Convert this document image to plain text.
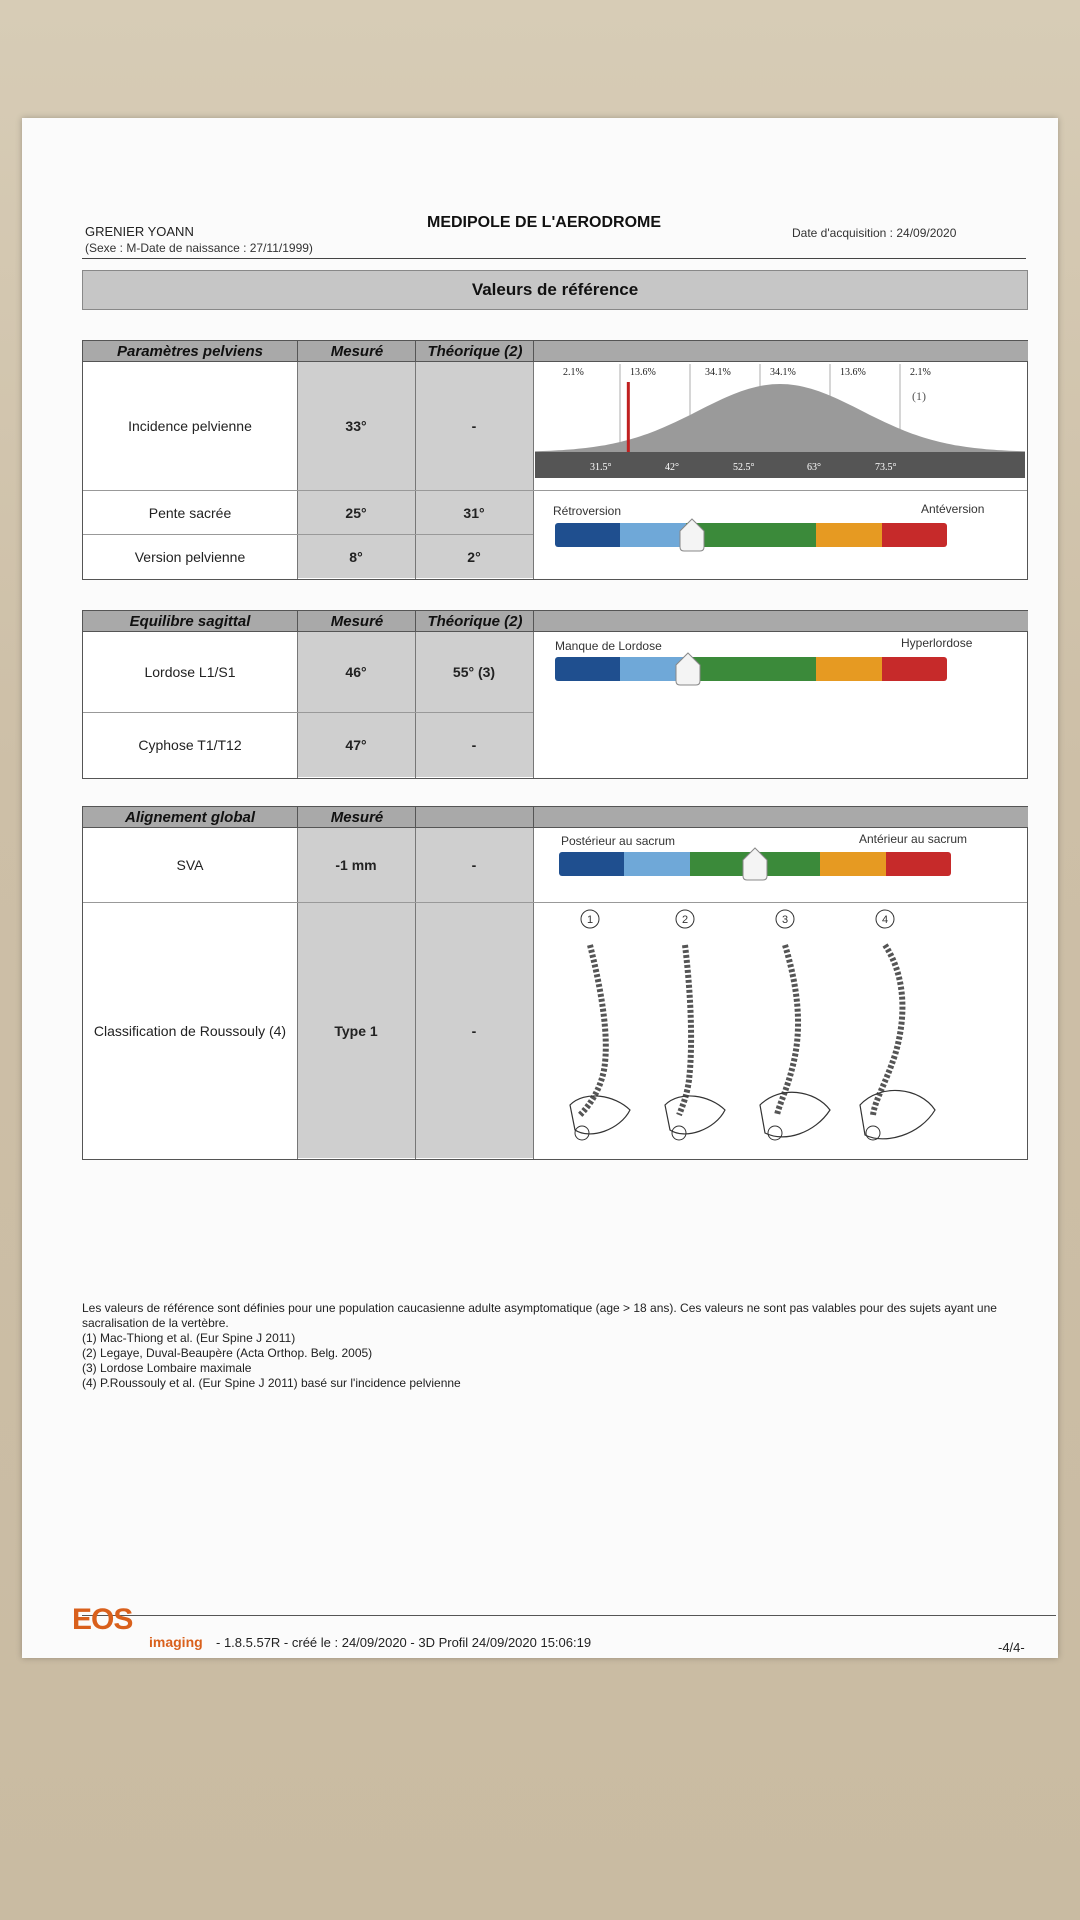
GRENIER YOANN
(Sexe : M-Date de naissance : 27/11/1999)
MEDIPOLE DE L'AERODROME
Date d'acquisition : 24/09/2020
Valeurs de référence
Paramètres pelviens	Mesuré	Théorique (2)
Incidence pelvienne	33°	-
Pente sacrée	25°	31°
Version pelvienne	8°	2°
2.1%	13.6%	34.1%	34.1%	13.6%	2.1%
(1)
31.5°	42°	52.5°	63°	73.5°
Rétroversion	Antéversion
Equilibre sagittal	Mesuré	Théorique (2)
Lordose L1/S1	46°	55° (3)
Cyphose T1/T12	47°	-
Manque de Lordose	Hyperlordose
Alignement global	Mesuré
SVA	-1 mm	-
Classification de Roussouly (4)	Type 1	-
Postérieur au sacrum	Antérieur au sacrum
1	2	3	4
Les valeurs de référence sont définies pour une population caucasienne adulte asymptomatique (age > 18 ans). Ces valeurs ne sont pas valables pour des sujets ayant une sacralisation de la vertèbre.
(1) Mac-Thiong et al. (Eur Spine J 2011)
(2) Legaye, Duval-Beaupère (Acta Orthop. Belg. 2005)
(3) Lordose Lombaire maximale
(4) P.Roussouly et al. (Eur Spine J 2011) basé sur l'incidence pelvienne
EOS
imaging - 1.8.5.57R - créé le : 24/09/2020 - 3D Profil 24/09/2020 15:06:19	-4/4-
